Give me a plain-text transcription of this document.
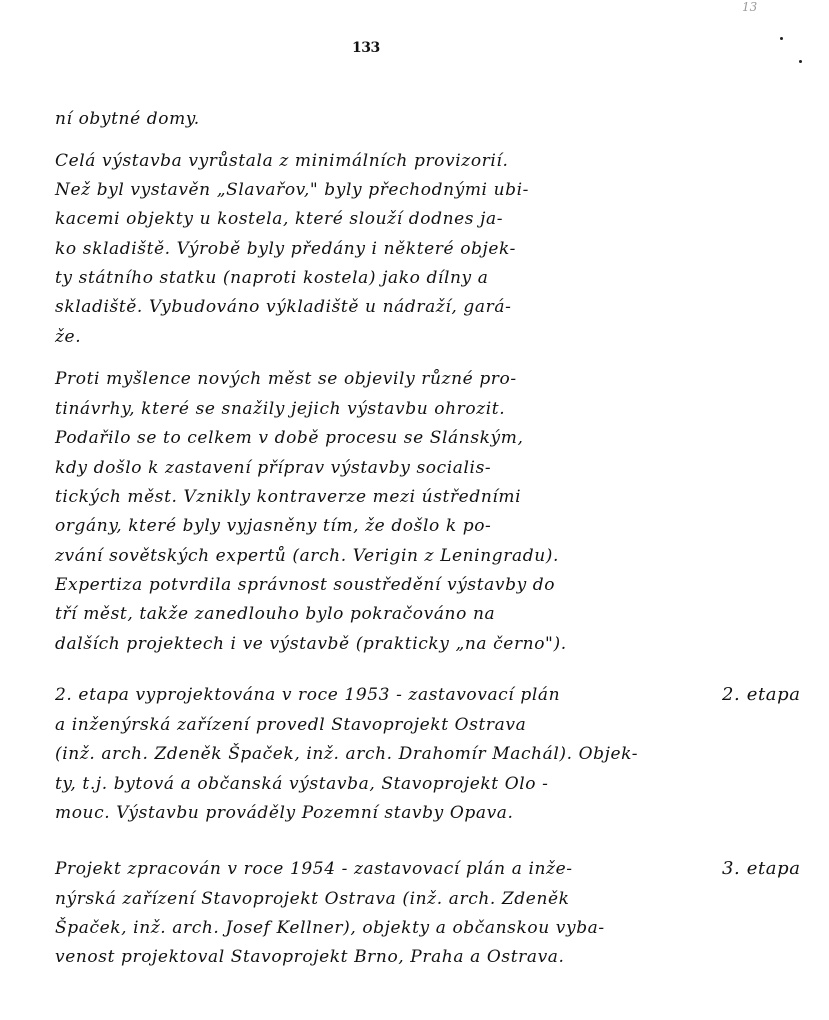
13
133
ní obytné domy.
Celá výstavba vyrůstala z minimálních provizorií.
Než byl vystavěn „Slavařov," byly přechodnými ubi-
kacemi objekty u kostela, které slouží dodnes ja-
ko skladiště. Výrobě byly předány i některé objek-
ty státního statku (naproti kostela) jako dílny a
skladiště. Vybudováno výkladiště u nádraží, gará-
že.
Proti myšlence nových měst se objevily různé pro-
tinávrhy, které se snažily jejich výstavbu ohrozit.
Podařilo se to celkem v době procesu se Slánským,
kdy došlo k zastavení příprav výstavby socialis-
tických měst. Vznikly kontraverze mezi ústředními
orgány, které byly vyjasněny tím, že došlo k po-
zvání sovětských expertů (arch. Verigin z Leningradu).
Expertiza potvrdila správnost soustředění výstavby do
tří měst, takže zanedlouho bylo pokračováno na
dalších projektech i ve výstavbě (prakticky „na černo").
2. etapa vyprojektována v roce 1953 - zastavovací plán
a inženýrská zařízení provedl Stavoprojekt Ostrava
(inž. arch. Zdeněk Špaček, inž. arch. Drahomír Machál). Objek-
ty, t.j. bytová a občanská výstavba, Stavoprojekt Olo -
mouc. Výstavbu prováděly Pozemní stavby Opava.
2. etapa
Projekt zpracován v roce 1954 - zastavovací plán a inže-
nýrská zařízení Stavoprojekt Ostrava (inž. arch. Zdeněk
Špaček, inž. arch. Josef Kellner), objekty a občanskou vyba-
venost projektoval Stavoprojekt Brno, Praha a Ostrava.
3. etapa
